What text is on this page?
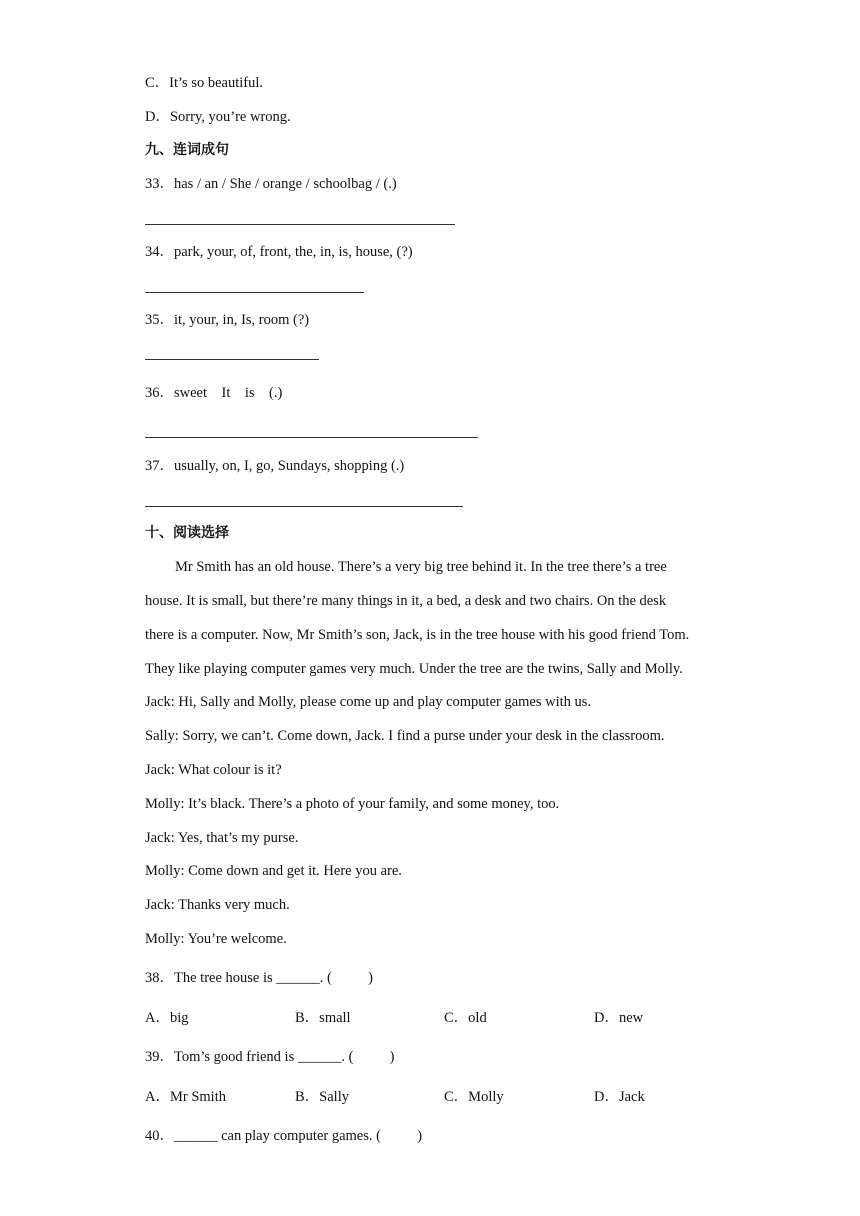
C．It’s so beautiful.
D．Sorry, you’re wrong.
九、连词成句
33．has / an / She / orange / schoolbag / (.)
34．park, your, of, front, the, in, is, house, (?)
35．it, your, in, Is, room (?)
36．sweet    It    is    (.)
37．usually, on, I, go, Sundays, shopping (.)
十、阅读选择
Mr Smith has an old house. There’s a very big tree behind it. In the tree there’s a tree
house. It is small, but there’re many things in it, a bed, a desk and two chairs. On the desk
there is a computer. Now, Mr Smith’s son, Jack, is in the tree house with his good friend Tom.
They like playing computer games very much. Under the tree are the twins, Sally and Molly.
Jack: Hi, Sally and Molly, please come up and play computer games with us.
Sally: Sorry, we can’t. Come down, Jack. I find a purse under your desk in the classroom.
Jack: What colour is it?
Molly: It’s black. There’s a photo of your family, and some money, too.
Jack: Yes, that’s my purse.
Molly: Come down and get it. Here you are.
Jack: Thanks very much.
Molly: You’re welcome.
38．The tree house is ______. (          )
A．big	B．small	C．old	D．new
39．Tom’s good friend is ______. (          )
A．Mr Smith	B．Sally	C．Molly	D．Jack
40．______ can play computer games. (          )
